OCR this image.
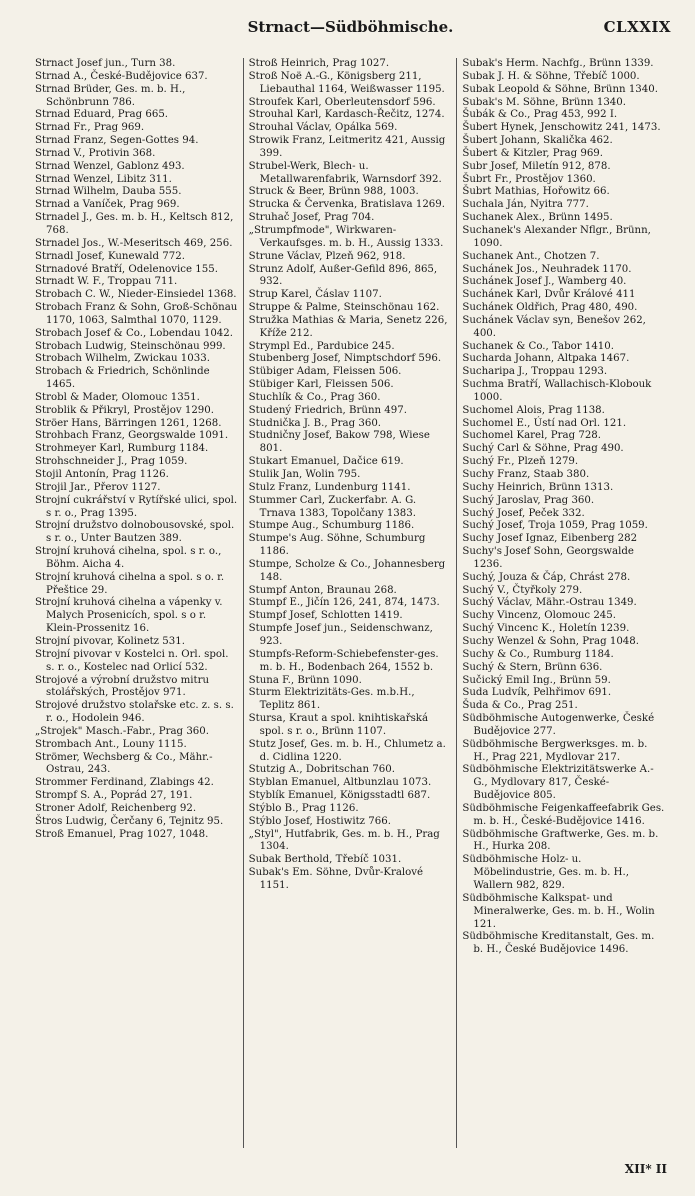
Strnact—Südböhmische.	CLXXIX
Strnact Josef jun., Turn 38.
Strnad A., České-Budějovice 637.
Strnad Brüder, Ges. m. b. H., Schönbrunn 786.
Strnad Eduard, Prag 665.
Strnad Fr., Prag 969.
Strnad Franz, Segen-Gottes 94.
Strnad V., Protivin 368.
Strnad Wenzel, Gablonz 493.
Strnad Wenzel, Libitz 311.
Strnad Wilhelm, Dauba 555.
Strnad a Vaníček, Prag 969.
Strnadel J., Ges. m. b. H., Keltsch 812, 768.
Strnadel Jos., W.-Meseritsch 469, 256.
Strnadl Josef, Kunewald 772.
Strnadové Bratří, Odelenovice 155.
Strnadt W. F., Troppau 711.
Strobach C. W., Nieder-Einsiedel 1368.
Strobach Franz & Sohn, Groß-Schönau 1170, 1063, Salmthal 1070, 1129.
Strobach Josef & Co., Lobendau 1042.
Strobach Ludwig, Steinschönau 999.
Strobach Wilhelm, Zwickau 1033.
Strobach & Friedrich, Schönlinde 1465.
Strobl & Mader, Olomouc 1351.
Stroblik & Přikryl, Prostějov 1290.
Ströer Hans, Bärringen 1261, 1268.
Strohbach Franz, Georgswalde 1091.
Strohmeyer Karl, Rumburg 1184.
Strohschneider J., Prag 1059.
Stojil Antonín, Prag 1126.
Strojil Jar., Přerov 1127.
Strojní cukrářství v Rytířské ulici, spol. s r. o., Prag 1395.
Strojní družstvo dolnobousovské, spol. s r. o., Unter Bautzen 389.
Strojní kruhová cihelna, spol. s r. o., Böhm. Aicha 4.
Strojní kruhová cihelna a spol. s o. r. Přeštice 29.
Strojní kruhová cihelna a vápenky v. Malych Prosenicích, spol. s o r. Klein-Prossenitz 16.
Strojní pivovar, Kolinetz 531.
Strojní pivovar v Kostelci n. Orl. spol. s. r. o., Kostelec nad Orlicí 532.
Strojové a výrobní družstvo mitru stolářských, Prostějov 971.
Strojové družstvo stolařske etc. z. s. s. r. o., Hodolein 946.
„Strojek" Masch.-Fabr., Prag 360.
Strombach Ant., Louny 1115.
Strömer, Wechsberg & Co., Mähr.-Ostrau, 243.
Strommer Ferdinand, Zlabings 42.
Strompf S. A., Poprád 27, 191.
Stroner Adolf, Reichenberg 92.
Štros Ludwig, Čerčany 6, Tejnitz 95.
Stroß Emanuel, Prag 1027, 1048.
Stroß Heinrich, Prag 1027.
Stroß Noë A.-G., Königsberg 211, Liebauthal 1164, Weißwasser 1195.
Stroufek Karl, Oberleutensdorf 596.
Strouhal Karl, Kardasch-Řečitz, 1274.
Strouhal Václav, Opálka 569.
Strowik Franz, Leitmeritz 421, Aussig 399.
Strubel-Werk, Blech- u. Metallwarenfabrik, Warnsdorf 392.
Struck & Beer, Brünn 988, 1003.
Strucka & Červenka, Bratislava 1269.
Struhač Josef, Prag 704.
„Strumpfmode", Wirkwaren-Verkaufsges. m. b. H., Aussig 1333.
Strune Václav, Plzeň 962, 918.
Strunz Adolf, Außer-Gefild 896, 865, 932.
Strup Karel, Čáslav 1107.
Struppe & Palme, Steinschönau 162.
Stružka Mathias & Maria, Senetz 226, Kříže 212.
Strympl Ed., Pardubice 245.
Stubenberg Josef, Nimptschdorf 596.
Stübiger Adam, Fleissen 506.
Stübiger Karl, Fleissen 506.
Stuchlík & Co., Prag 360.
Studený Friedrich, Brünn 497.
Studnička J. B., Prag 360.
Studničny Josef, Bakow 798, Wiese 801.
Stukart Emanuel, Dačice 619.
Stulik Jan, Wolin 795.
Stulz Franz, Lundenburg 1141.
Stummer Carl, Zuckerfabr. A. G. Trnava 1383, Topolčany 1383.
Stumpe Aug., Schumburg 1186.
Stumpe's Aug. Söhne, Schumburg 1186.
Stumpe, Scholze & Co., Johannesberg 148.
Stumpf Anton, Braunau 268.
Stumpf E., Jičín 126, 241, 874, 1473.
Stumpf Josef, Schlotten 1419.
Stumpfe Josef jun., Seidenschwanz, 923.
Stumpfs-Reform-Schiebefenster-ges. m. b. H., Bodenbach 264, 1552 b.
Stuna F., Brünn 1090.
Sturm Elektrizitäts-Ges. m.b.H., Teplitz 861.
Stursa, Kraut a spol. knihtiskařská spol. s r. o., Brünn 1107.
Stutz Josef, Ges. m. b. H., Chlumetz a. d. Cidlina 1220.
Stutzig A., Dobritschan 760.
Styblan Emanuel, Altbunzlau 1073.
Styblík Emanuel, Königsstadtl 687.
Stýblo B., Prag 1126.
Stýblo Josef, Hostiwitz 766.
„Styl", Hutfabrik, Ges. m. b. H., Prag 1304.
Subak Berthold, Třebíč 1031.
Subak's Em. Söhne, Dvůr-Kralové 1151.
Subak's Herm. Nachfg., Brünn 1339.
Subak J. H. & Söhne, Třebíč 1000.
Subak Leopold & Söhne, Brünn 1340.
Subak's M. Söhne, Brünn 1340.
Šubák & Co., Prag 453, 992 I.
Šubert Hynek, Jenschowitz 241, 1473.
Šubert Johann, Skalička 462.
Šubert & Kitzler, Prag 969.
Subr Josef, Miletín 912, 878.
Šubrt Fr., Prostějov 1360.
Šubrt Mathias, Hořowitz 66.
Suchala Ján, Nyitra 777.
Suchanek Alex., Brünn 1495.
Suchanek's Alexander Nflgr., Brünn, 1090.
Suchanek Ant., Chotzen 7.
Suchánek Jos., Neuhradek 1170.
Suchánek Josef J., Wamberg 40.
Suchánek Karl, Dvůr Králové 411
Suchánek Oldřich, Prag 480, 490.
Suchánek Václav syn, Benešov 262, 400.
Suchanek & Co., Tabor 1410.
Sucharda Johann, Altpaka 1467.
Sucharipa J., Troppau 1293.
Suchma Bratří, Wallachisch-Klobouk 1000.
Suchomel Alois, Prag 1138.
Suchomel E., Ústí nad Orl. 121.
Suchomel Karel, Prag 728.
Suchý Carl & Söhne, Prag 490.
Suchý Fr., Plzeň 1279.
Suchy Franz, Staab 380.
Suchy Heinrich, Brünn 1313.
Suchý Jaroslav, Prag 360.
Suchý Josef, Peček 332.
Suchý Josef, Troja 1059, Prag 1059.
Suchy Josef Ignaz, Eibenberg 282
Suchy's Josef Sohn, Georgswalde 1236.
Suchý, Jouza & Čáp, Chrást 278.
Suchý V., Čtyřkoly 279.
Suchý Václav, Mähr.-Ostrau 1349.
Suchy Vincenz, Olomouc 245.
Suchý Vincenc K., Holetín 1239.
Suchy Wenzel & Sohn, Prag 1048.
Suchy & Co., Rumburg 1184.
Suchý & Stern, Brünn 636.
Sučický Emil Ing., Brünn 59.
Suda Ludvík, Pelhřimov 691.
Šuda & Co., Prag 251.
Südböhmische Autogenwerke, České Budějovice 277.
Südböhmische Bergwerksges. m. b. H., Prag 221, Mydlovar 217.
Südböhmische Elektrizitätswerke A.-G., Mydlovary 817, České-Budějovice 805.
Südböhmische Feigenkaffeefabrik Ges. m. b. H., České-Budějovice 1416.
Südböhmische Graftwerke, Ges. m. b. H., Hurka 208.
Südböhmische Holz- u. Möbelindustrie, Ges. m. b. H., Wallern 982, 829.
Südböhmische Kalkspat- und Mineralwerke, Ges. m. b. H., Wolin 121.
Südböhmische Kreditanstalt, Ges. m. b. H., České Budějovice 1496.
XII* II
